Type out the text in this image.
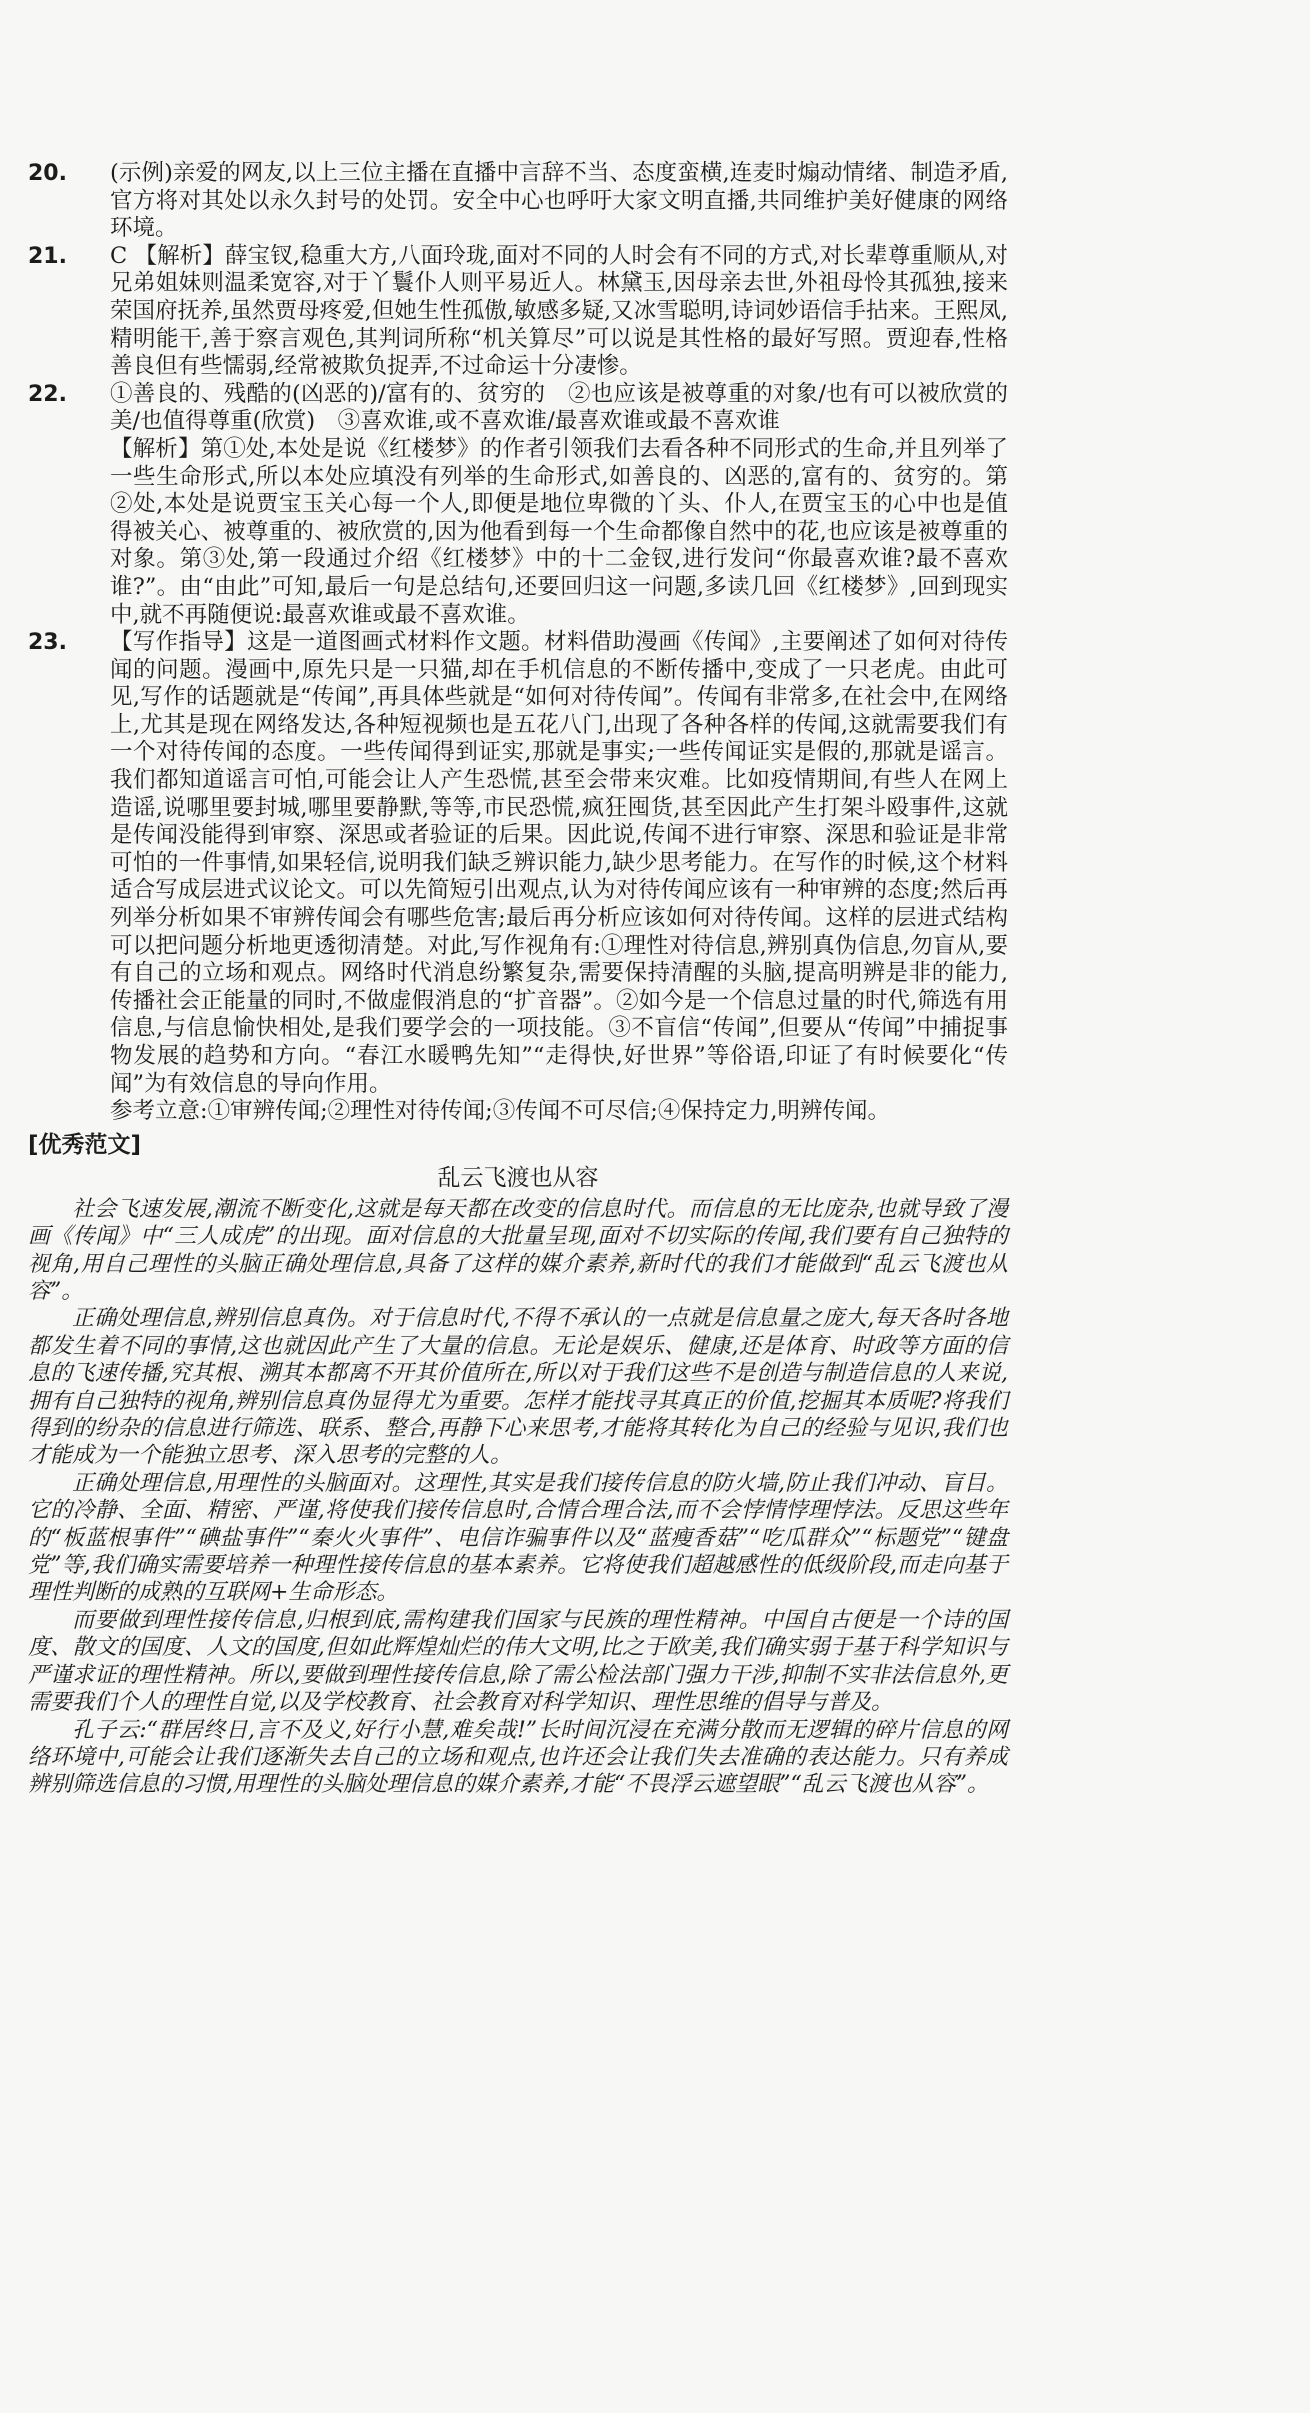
20. (示例)亲爱的网友,以上三位主播在直播中言辞不当、态度蛮横,连麦时煽动情绪、制造矛盾,官方将对其处以永久封号的处罚。安全中心也呼吁大家文明直播,共同维护美好健康的网络环境。

21. C 【解析】薛宝钗,稳重大方,八面玲珑,面对不同的人时会有不同的方式,对长辈尊重顺从,对兄弟姐妹则温柔宽容,对于丫鬟仆人则平易近人。林黛玉,因母亲去世,外祖母怜其孤独,接来荣国府抚养,虽然贾母疼爱,但她生性孤傲,敏感多疑,又冰雪聪明,诗词妙语信手拈来。王熙凤,精明能干,善于察言观色,其判词所称“机关算尽”可以说是其性格的最好写照。贾迎春,性格善良但有些懦弱,经常被欺负捉弄,不过命运十分凄惨。

22. ①善良的、残酷的(凶恶的)/富有的、贫穷的　②也应该是被尊重的对象/也有可以被欣赏的美/也值得尊重(欣赏)　③喜欢谁,或不喜欢谁/最喜欢谁或最不喜欢谁

【解析】第①处,本处是说《红楼梦》的作者引领我们去看各种不同形式的生命,并且列举了一些生命形式,所以本处应填没有列举的生命形式,如善良的、凶恶的,富有的、贫穷的。第②处,本处是说贾宝玉关心每一个人,即便是地位卑微的丫头、仆人,在贾宝玉的心中也是值得被关心、被尊重的、被欣赏的,因为他看到每一个生命都像自然中的花,也应该是被尊重的对象。第③处,第一段通过介绍《红楼梦》中的十二金钗,进行发问“你最喜欢谁?最不喜欢谁?”。由“由此”可知,最后一句是总结句,还要回归这一问题,多读几回《红楼梦》,回到现实中,就不再随便说:最喜欢谁或最不喜欢谁。

23. 【写作指导】这是一道图画式材料作文题。材料借助漫画《传闻》,主要阐述了如何对待传闻的问题。漫画中,原先只是一只猫,却在手机信息的不断传播中,变成了一只老虎。由此可见,写作的话题就是“传闻”,再具体些就是“如何对待传闻”。传闻有非常多,在社会中,在网络上,尤其是现在网络发达,各种短视频也是五花八门,出现了各种各样的传闻,这就需要我们有一个对待传闻的态度。一些传闻得到证实,那就是事实;一些传闻证实是假的,那就是谣言。我们都知道谣言可怕,可能会让人产生恐慌,甚至会带来灾难。比如疫情期间,有些人在网上造谣,说哪里要封城,哪里要静默,等等,市民恐慌,疯狂囤货,甚至因此产生打架斗殴事件,这就是传闻没能得到审察、深思或者验证的后果。因此说,传闻不进行审察、深思和验证是非常可怕的一件事情,如果轻信,说明我们缺乏辨识能力,缺少思考能力。在写作的时候,这个材料适合写成层进式议论文。可以先简短引出观点,认为对待传闻应该有一种审辨的态度;然后再列举分析如果不审辨传闻会有哪些危害;最后再分析应该如何对待传闻。这样的层进式结构可以把问题分析地更透彻清楚。对此,写作视角有:①理性对待信息,辨别真伪信息,勿盲从,要有自己的立场和观点。网络时代消息纷繁复杂,需要保持清醒的头脑,提高明辨是非的能力,传播社会正能量的同时,不做虚假消息的“扩音器”。②如今是一个信息过量的时代,筛选有用信息,与信息愉快相处,是我们要学会的一项技能。③不盲信“传闻”,但要从“传闻”中捕捉事物发展的趋势和方向。“春江水暖鸭先知”“走得快,好世界”等俗语,印证了有时候要化“传闻”为有效信息的导向作用。

参考立意:①审辨传闻;②理性对待传闻;③传闻不可尽信;④保持定力,明辨传闻。

[优秀范文]
乱云飞渡也从容

社会飞速发展,潮流不断变化,这就是每天都在改变的信息时代。而信息的无比庞杂,也就导致了漫画《传闻》中“三人成虎”的出现。面对信息的大批量呈现,面对不切实际的传闻,我们要有自己独特的视角,用自己理性的头脑正确处理信息,具备了这样的媒介素养,新时代的我们才能做到“乱云飞渡也从容”。

正确处理信息,辨别信息真伪。对于信息时代,不得不承认的一点就是信息量之庞大,每天各时各地都发生着不同的事情,这也就因此产生了大量的信息。无论是娱乐、健康,还是体育、时政等方面的信息的飞速传播,究其根、溯其本都离不开其价值所在,所以对于我们这些不是创造与制造信息的人来说,拥有自己独特的视角,辨别信息真伪显得尤为重要。怎样才能找寻其真正的价值,挖掘其本质呢?将我们得到的纷杂的信息进行筛选、联系、整合,再静下心来思考,才能将其转化为自己的经验与见识,我们也才能成为一个能独立思考、深入思考的完整的人。

正确处理信息,用理性的头脑面对。这理性,其实是我们接传信息的防火墙,防止我们冲动、盲目。它的冷静、全面、精密、严谨,将使我们接传信息时,合情合理合法,而不会悖情悖理悖法。反思这些年的“板蓝根事件”“碘盐事件”“秦火火事件”、电信诈骗事件以及“蓝瘦香菇”“吃瓜群众”“标题党”“键盘党”等,我们确实需要培养一种理性接传信息的基本素养。它将使我们超越感性的低级阶段,而走向基于理性判断的成熟的互联网+生命形态。

而要做到理性接传信息,归根到底,需构建我们国家与民族的理性精神。中国自古便是一个诗的国度、散文的国度、人文的国度,但如此辉煌灿烂的伟大文明,比之于欧美,我们确实弱于基于科学知识与严谨求证的理性精神。所以,要做到理性接传信息,除了需公检法部门强力干涉,抑制不实非法信息外,更需要我们个人的理性自觉,以及学校教育、社会教育对科学知识、理性思维的倡导与普及。

孔子云:“群居终日,言不及义,好行小慧,难矣哉!”长时间沉浸在充满分散而无逻辑的碎片信息的网络环境中,可能会让我们逐渐失去自己的立场和观点,也许还会让我们失去准确的表达能力。只有养成辨别筛选信息的习惯,用理性的头脑处理信息的媒介素养,才能“不畏浮云遮望眼”“乱云飞渡也从容”。
